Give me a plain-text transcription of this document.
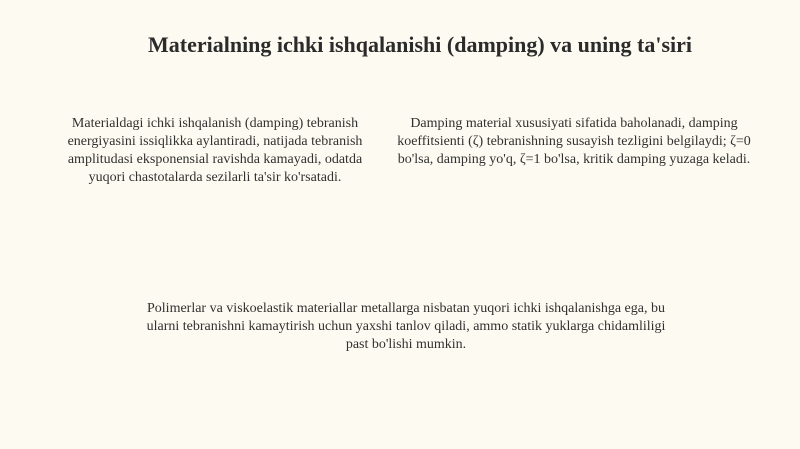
Materialning ichki ishqalanishi (damping) va uning ta'siri
Materialdagi ichki ishqalanish (damping) tebranish energiyasini issiqlikka aylantiradi, natijada tebranish amplitudasi eksponensial ravishda kamayadi, odatda yuqori chastotalarda sezilarli ta'sir ko'rsatadi.
Damping material xususiyati sifatida baholanadi, damping koeffitsienti (ζ) tebranishning susayish tezligini belgilaydi; ζ=0 bo'lsa, damping yo'q, ζ=1 bo'lsa, kritik damping yuzaga keladi.
Polimerlar va viskoelastik materiallar metallarga nisbatan yuqori ichki ishqalanishga ega, bu ularni tebranishni kamaytirish uchun yaxshi tanlov qiladi, ammo statik yuklarga chidamliligi past bo'lishi mumkin.
